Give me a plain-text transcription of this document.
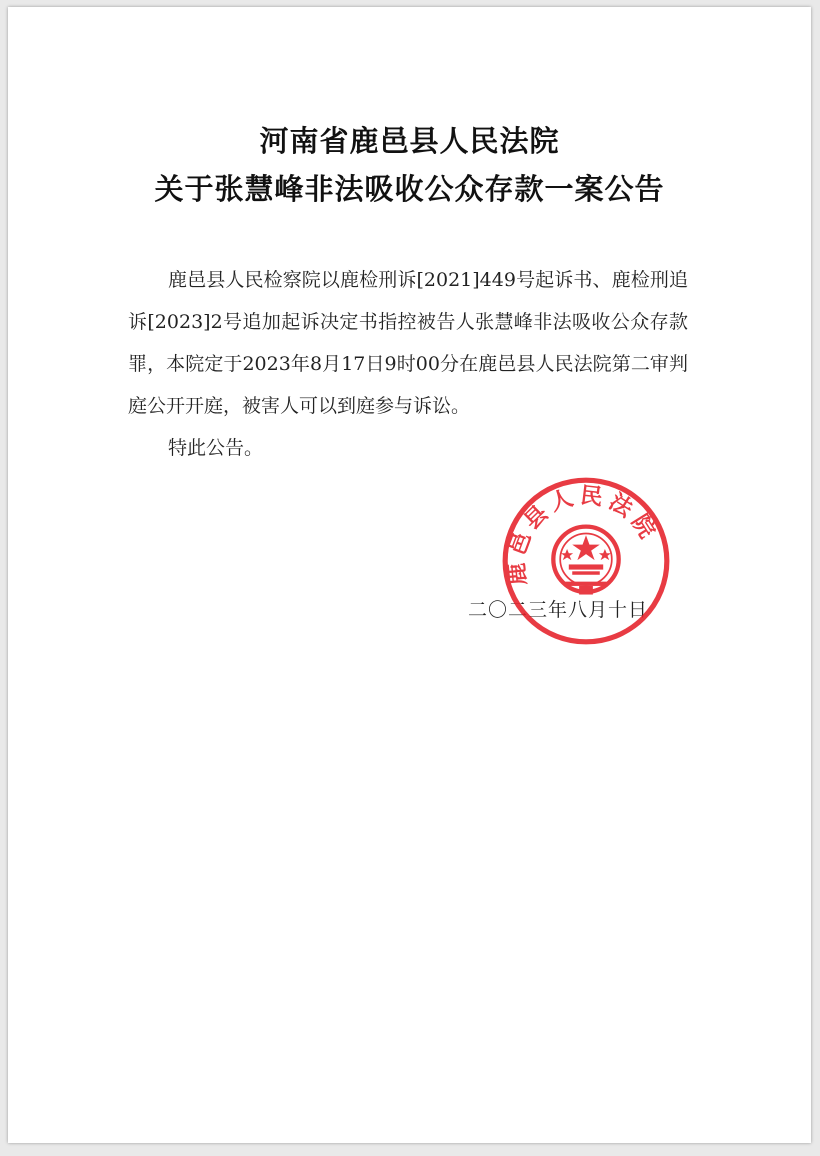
河南省鹿邑县人民法院
关于张慧峰非法吸收公众存款一案公告

鹿邑县人民检察院以鹿检刑诉[2021]449号起诉书、鹿检刑追诉[2023]2号追加起诉决定书指控被告人张慧峰非法吸收公众存款罪，本院定于2023年8月17日9时00分在鹿邑县人民法院第二审判庭公开开庭，被害人可以到庭参与诉讼。

特此公告。

二〇二三年八月十日
鹿邑县人民法院
